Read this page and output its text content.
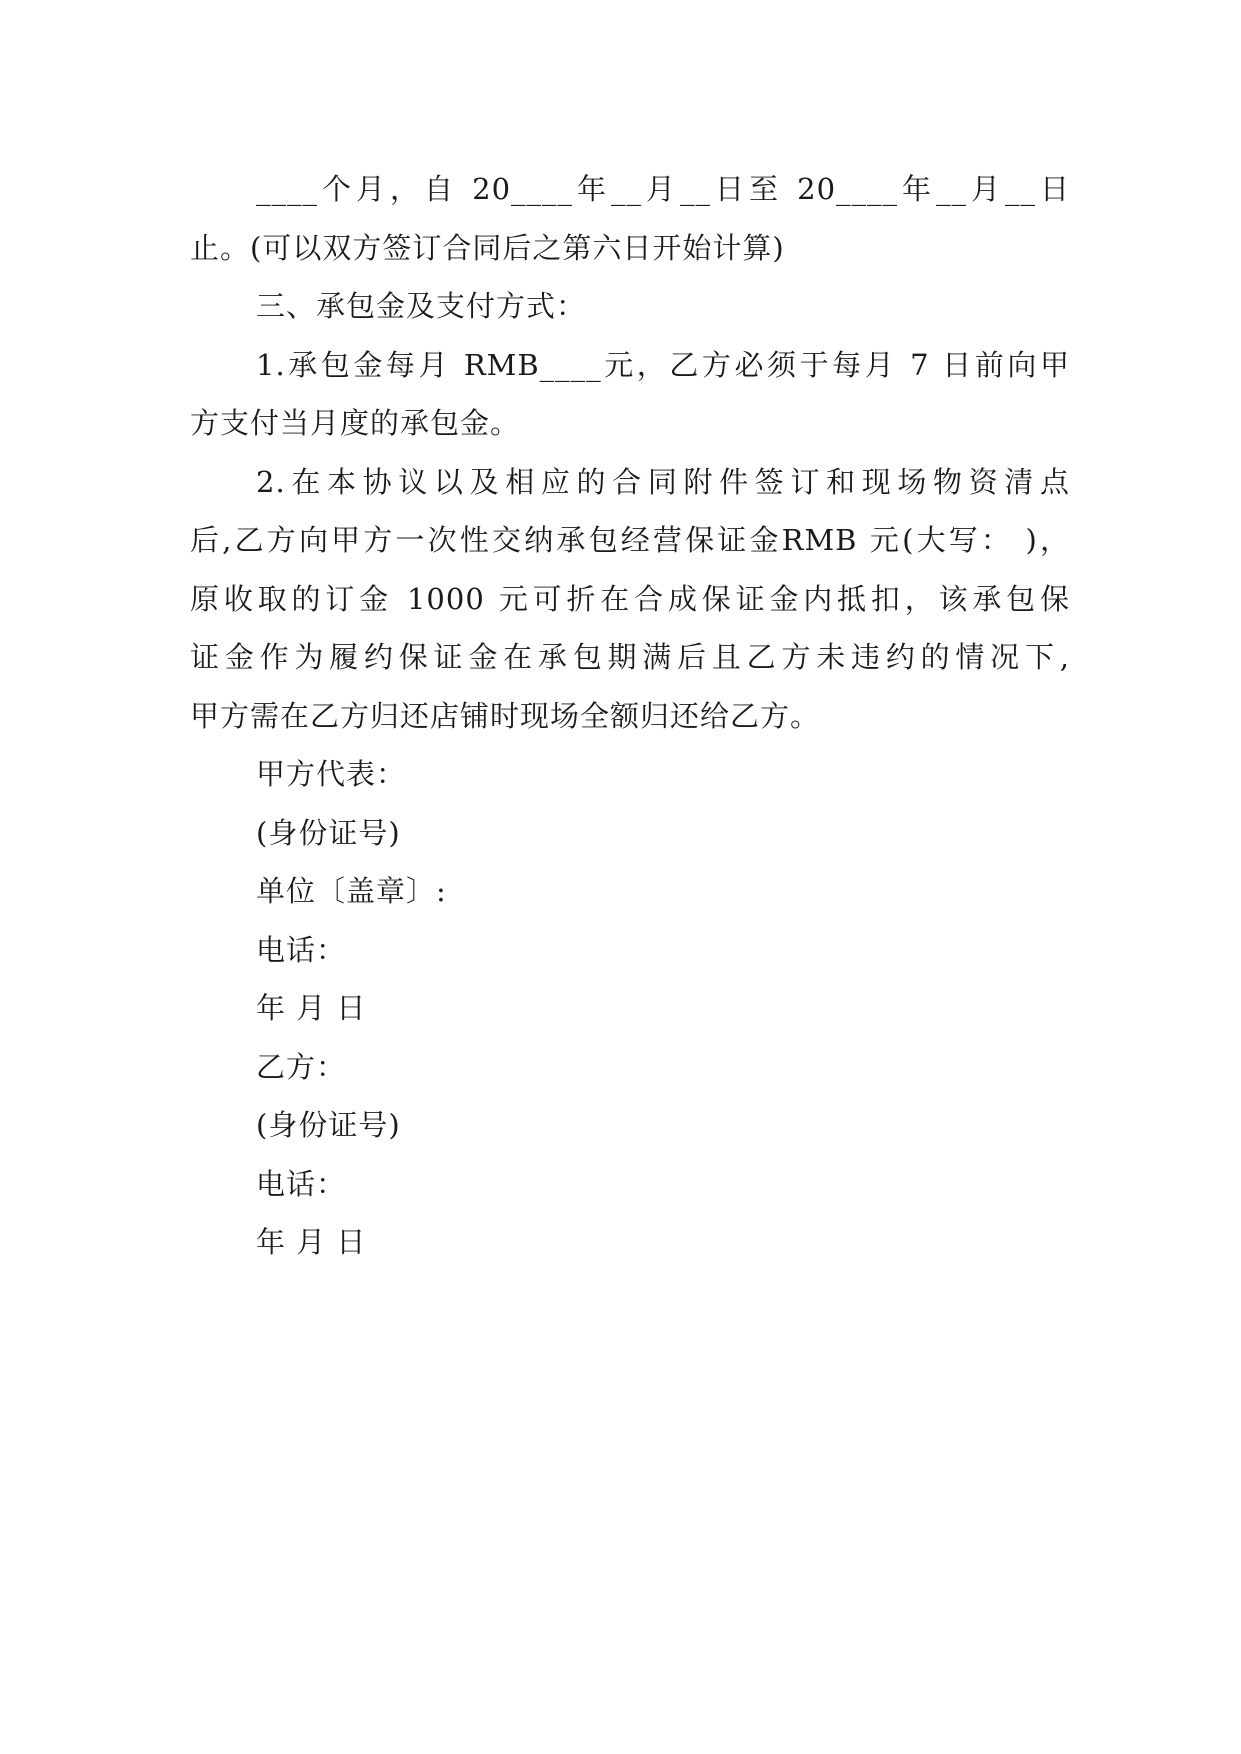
____个月，自 20____年__月__日至 20____年__月__日
止。(可以双方签订合同后之第六日开始计算)
三、承包金及支付方式：
1.承包金每月 RMB____元，乙方必须于每月 7 日前向甲
方支付当月度的承包金。
2.在本协议以及相应的合同附件签订和现场物资清点
后,乙方向甲方一次性交纳承包经营保证金RMB 元(大写： )，
原收取的订金 1000 元可折在合成保证金内抵扣，该承包保
证金作为履约保证金在承包期满后且乙方未违约的情况下,
甲方需在乙方归还店铺时现场全额归还给乙方。
甲方代表：
(身份证号)
单位〔盖章〕:
电话：
年 月 日
乙方：
(身份证号)
电话：
年 月 日
